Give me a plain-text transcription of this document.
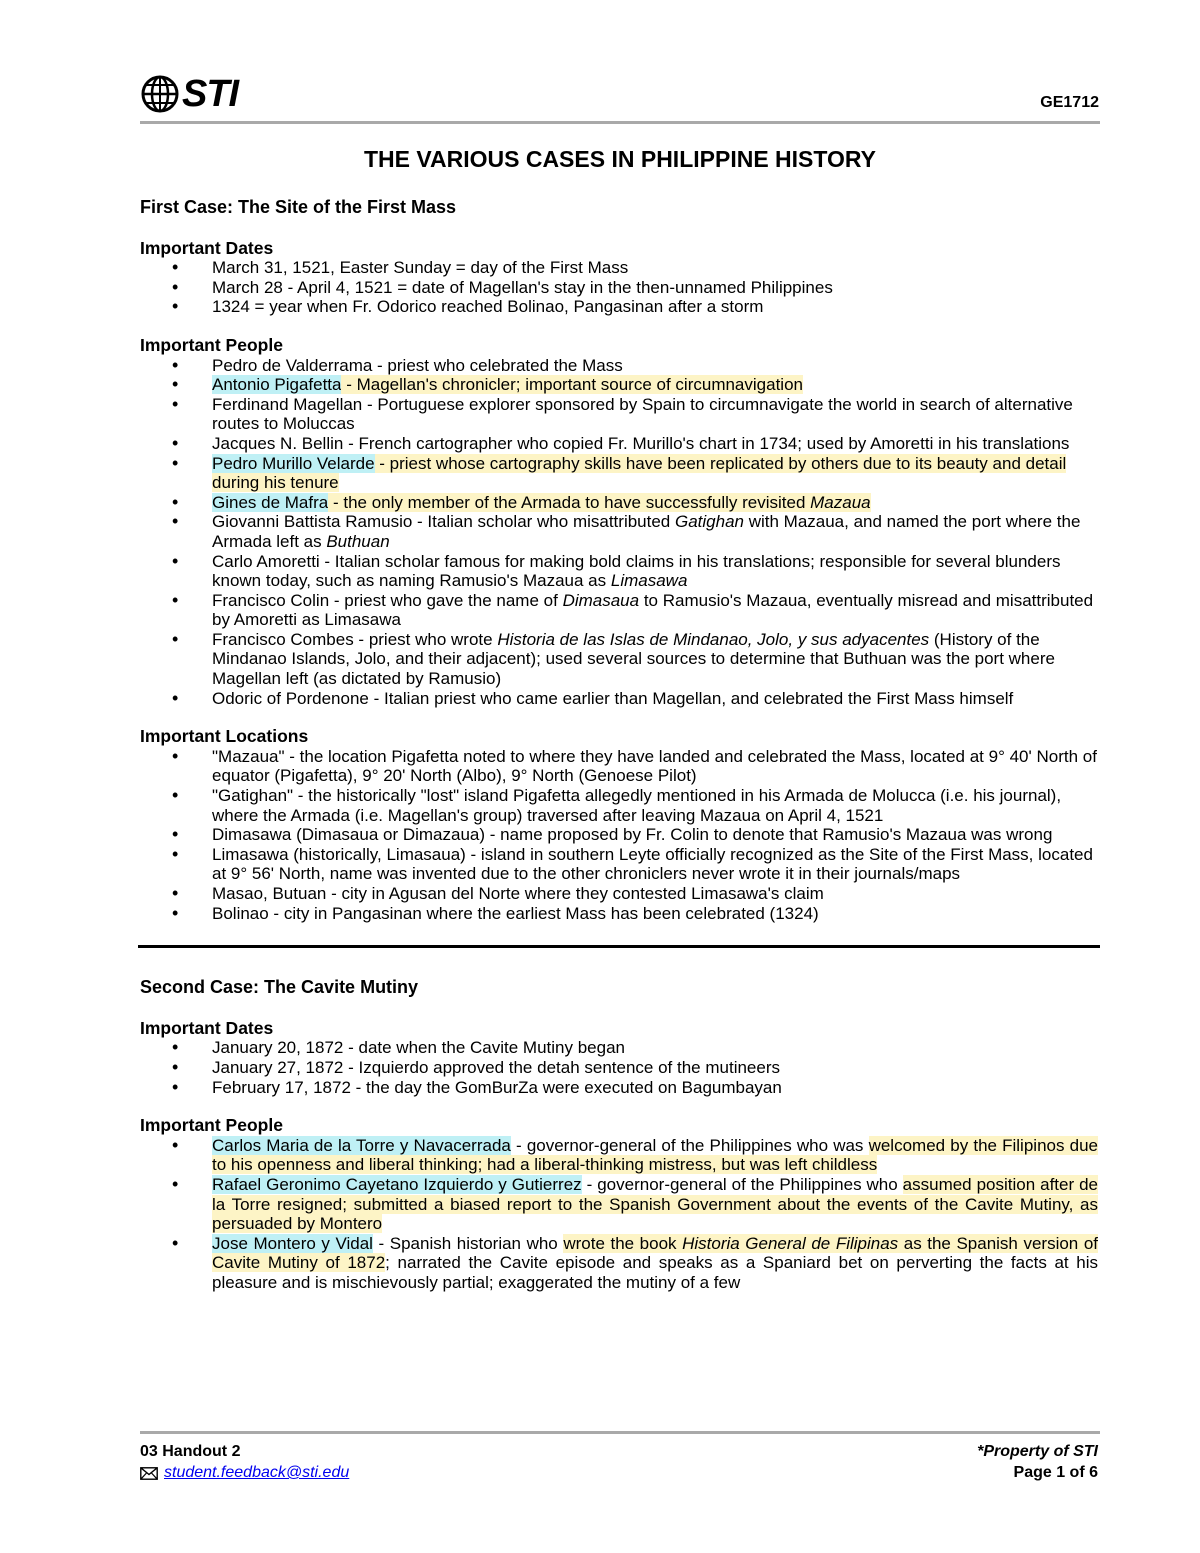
STI	GE1712
THE VARIOUS CASES IN PHILIPPINE HISTORY
First Case: The Site of the First Mass
Important Dates
• March 31, 1521, Easter Sunday = day of the First Mass
• March 28 - April 4, 1521 = date of Magellan's stay in the then-unnamed Philippines
• 1324 = year when Fr. Odorico reached Bolinao, Pangasinan after a storm
Important People
• Pedro de Valderrama - priest who celebrated the Mass
• Antonio Pigafetta - Magellan's chronicler; important source of circumnavigation
• Ferdinand Magellan - Portuguese explorer sponsored by Spain to circumnavigate the world in search of alternative routes to Moluccas
• Jacques N. Bellin - French cartographer who copied Fr. Murillo's chart in 1734; used by Amoretti in his translations
• Pedro Murillo Velarde - priest whose cartography skills have been replicated by others due to its beauty and detail during his tenure
• Gines de Mafra - the only member of the Armada to have successfully revisited Mazaua
• Giovanni Battista Ramusio - Italian scholar who misattributed Gatighan with Mazaua, and named the port where the Armada left as Buthuan
• Carlo Amoretti - Italian scholar famous for making bold claims in his translations; responsible for several blunders known today, such as naming Ramusio's Mazaua as Limasawa
• Francisco Colin - priest who gave the name of Dimasaua to Ramusio's Mazaua, eventually misread and misattributed by Amoretti as Limasawa
• Francisco Combes - priest who wrote Historia de las Islas de Mindanao, Jolo, y sus adyacentes (History of the Mindanao Islands, Jolo, and their adjacent); used several sources to determine that Buthuan was the port where Magellan left (as dictated by Ramusio)
• Odoric of Pordenone - Italian priest who came earlier than Magellan, and celebrated the First Mass himself
Important Locations
• "Mazaua" - the location Pigafetta noted to where they have landed and celebrated the Mass, located at 9° 40' North of equator (Pigafetta), 9° 20' North (Albo), 9° North (Genoese Pilot)
• "Gatighan" - the historically "lost" island Pigafetta allegedly mentioned in his Armada de Molucca (i.e. his journal), where the Armada (i.e. Magellan's group) traversed after leaving Mazaua on April 4, 1521
• Dimasawa (Dimasaua or Dimazaua) - name proposed by Fr. Colin to denote that Ramusio's Mazaua was wrong
• Limasawa (historically, Limasaua) - island in southern Leyte officially recognized as the Site of the First Mass, located at 9° 56' North, name was invented due to the other chroniclers never wrote it in their journals/maps
• Masao, Butuan - city in Agusan del Norte where they contested Limasawa's claim
• Bolinao - city in Pangasinan where the earliest Mass has been celebrated (1324)
Second Case: The Cavite Mutiny
Important Dates
• January 20, 1872 - date when the Cavite Mutiny began
• January 27, 1872 - Izquierdo approved the detah sentence of the mutineers
• February 17, 1872 - the day the GomBurZa were executed on Bagumbayan
Important People
• Carlos Maria de la Torre y Navacerrada - governor-general of the Philippines who was welcomed by the Filipinos due to his openness and liberal thinking; had a liberal-thinking mistress, but was left childless
• Rafael Geronimo Cayetano Izquierdo y Gutierrez - governor-general of the Philippines who assumed position after de la Torre resigned; submitted a biased report to the Spanish Government about the events of the Cavite Mutiny, as persuaded by Montero
• Jose Montero y Vidal - Spanish historian who wrote the book Historia General de Filipinas as the Spanish version of Cavite Mutiny of 1872; narrated the Cavite episode and speaks as a Spaniard bet on perverting the facts at his pleasure and is mischievously partial; exaggerated the mutiny of a few
03 Handout 2
student.feedback@sti.edu
*Property of STI
Page 1 of 6
